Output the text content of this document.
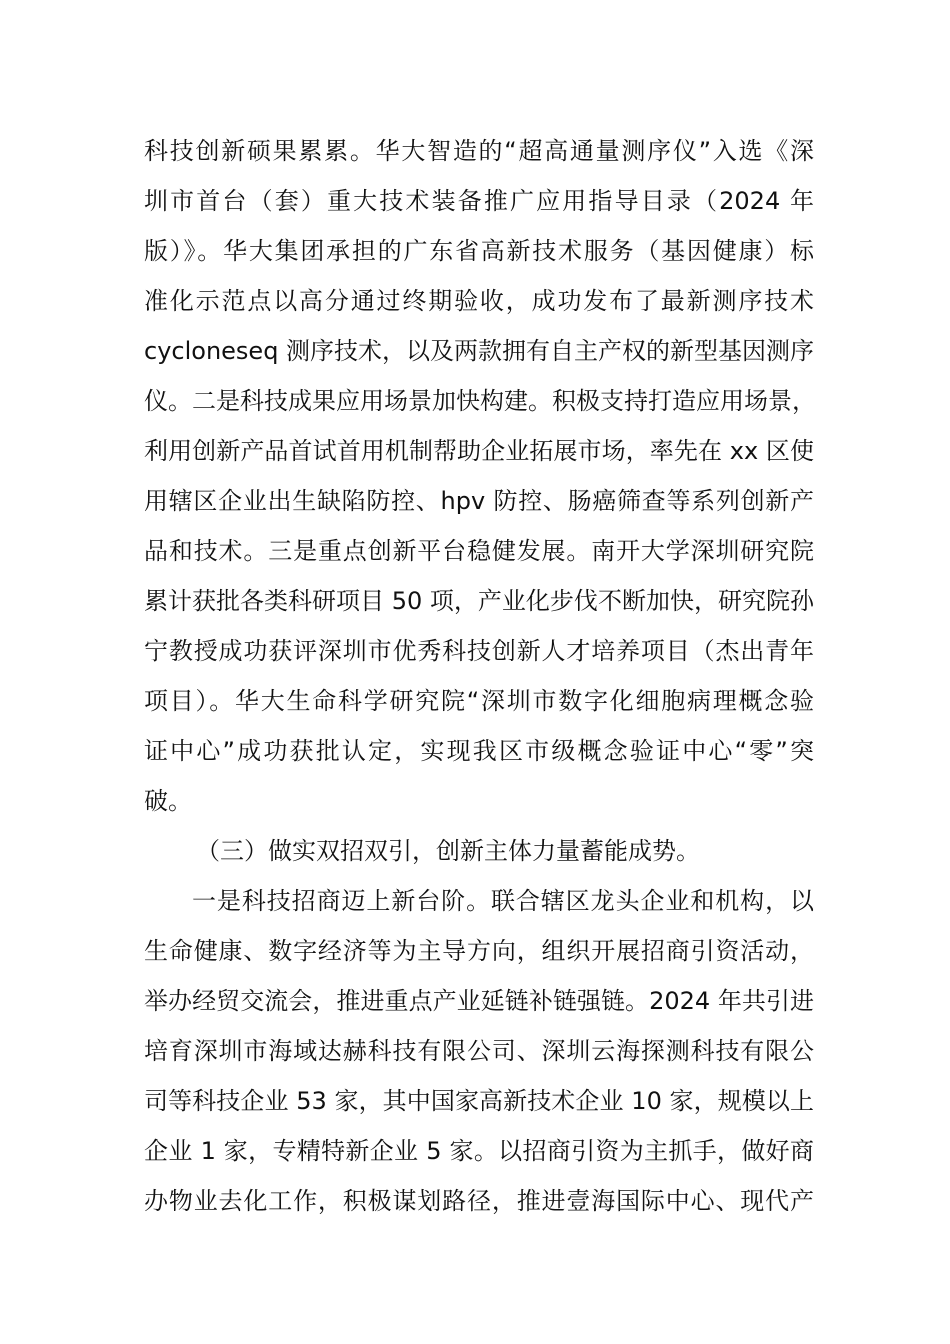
科技创新硕果累累。华大智造的“超高通量测序仪”入选《深
圳市首台（套）重大技术装备推广应用指导目录（2024 年
版）》。华大集团承担的广东省高新技术服务（基因健康）标
准化示范点以高分通过终期验收，成功发布了最新测序技术
cycloneseq 测序技术，以及两款拥有自主产权的新型基因测序
仪。二是科技成果应用场景加快构建。积极支持打造应用场景，
利用创新产品首试首用机制帮助企业拓展市场，率先在 xx 区使
用辖区企业出生缺陷防控、hpv 防控、肠癌筛查等系列创新产
品和技术。三是重点创新平台稳健发展。南开大学深圳研究院
累计获批各类科研项目 50 项，产业化步伐不断加快，研究院孙
宁教授成功获评深圳市优秀科技创新人才培养项目（杰出青年
项目）。华大生命科学研究院“深圳市数字化细胞病理概念验
证中心”成功获批认定，实现我区市级概念验证中心“零”突
破。
（三）做实双招双引，创新主体力量蓄能成势。
一是科技招商迈上新台阶。联合辖区龙头企业和机构，以
生命健康、数字经济等为主导方向，组织开展招商引资活动，
举办经贸交流会，推进重点产业延链补链强链。2024 年共引进
培育深圳市海域达赫科技有限公司、深圳云海探测科技有限公
司等科技企业 53 家，其中国家高新技术企业 10 家，规模以上
企业 1 家，专精特新企业 5 家。以招商引资为主抓手，做好商
办物业去化工作，积极谋划路径，推进壹海国际中心、现代产
